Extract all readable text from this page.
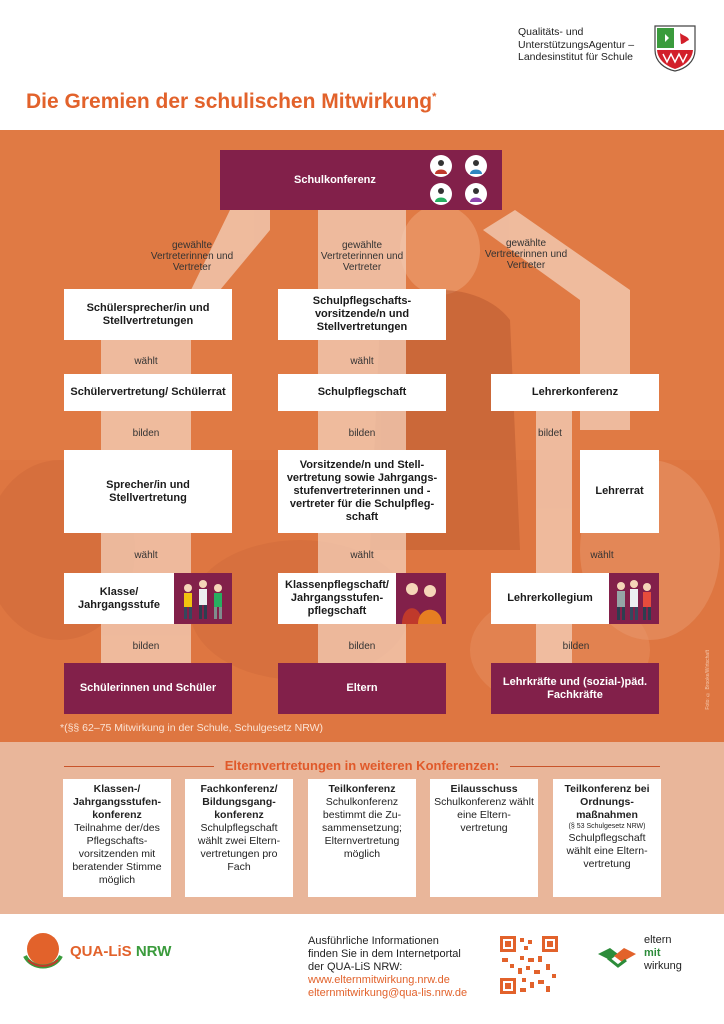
Qualitäts- und
UnterstützungsAgentur –
Landesinstitut für Schule
Die Gremien der schulischen Mitwirkung*
Schulkonferenz
gewählte Vertreterinnen und Vertreter
gewählte Vertreterinnen und Vertreter
gewählte Vertreterinnen und Vertreter
Schülersprecher/in und Stellvertretungen
Schulpflegschafts- vorsitzende/n und Stellvertretungen
wählt	wählt
Schülervertretung/ Schülerrat	Schulpflegschaft	Lehrerkonferenz
bilden	bilden	bildet
Sprecher/in und Stellvertretung
Vorsitzende/n und Stell- vertretung sowie Jahrgangs- stufenvertreterinnen und -vertreter für die Schulpfleg- schaft
Lehrerrat
wählt	wählt	wählt
Klasse/ Jahrgangsstufe
Klassenpflegschaft/ Jahrgangsstufen- pflegschaft
Lehrerkollegium
bilden	bilden	bilden
Schülerinnen und Schüler	Eltern
Lehrkräfte und (sozial-)päd. Fachkräfte
*(§§ 62–75 Mitwirkung in der Schule, Schulgesetz NRW)
Foto: © Brooke/Wirtschaft
Elternvertretungen in weiteren Konferenzen:
Klassen-/ Jahrgangsstufen- konferenz
Teilnahme der/des Pflegschafts- vorsitzenden mit beratender Stimme möglich
Fachkonferenz/ Bildungsgang- konferenz
Schulpflegschaft wählt zwei Eltern- vertretungen pro Fach
Teilkonferenz
Schulkonferenz bestimmt die Zu- sammensetzung; Elternvertretung möglich
Eilausschuss
Schulkonferenz wählt eine Eltern- vertretung
Teilkonferenz bei Ordnungs- maßnahmen
(§ 53 Schulgesetz NRW)
Schulpflegschaft wählt eine Eltern- vertretung
QUA-LiS NRW
Ausführliche Informationen
finden Sie in dem Internetportal
der QUA-LiS NRW:
www.elternmitwirkung.nrw.de
elternmitwirkung@qua-lis.nrw.de
eltern
mit
wirkung
